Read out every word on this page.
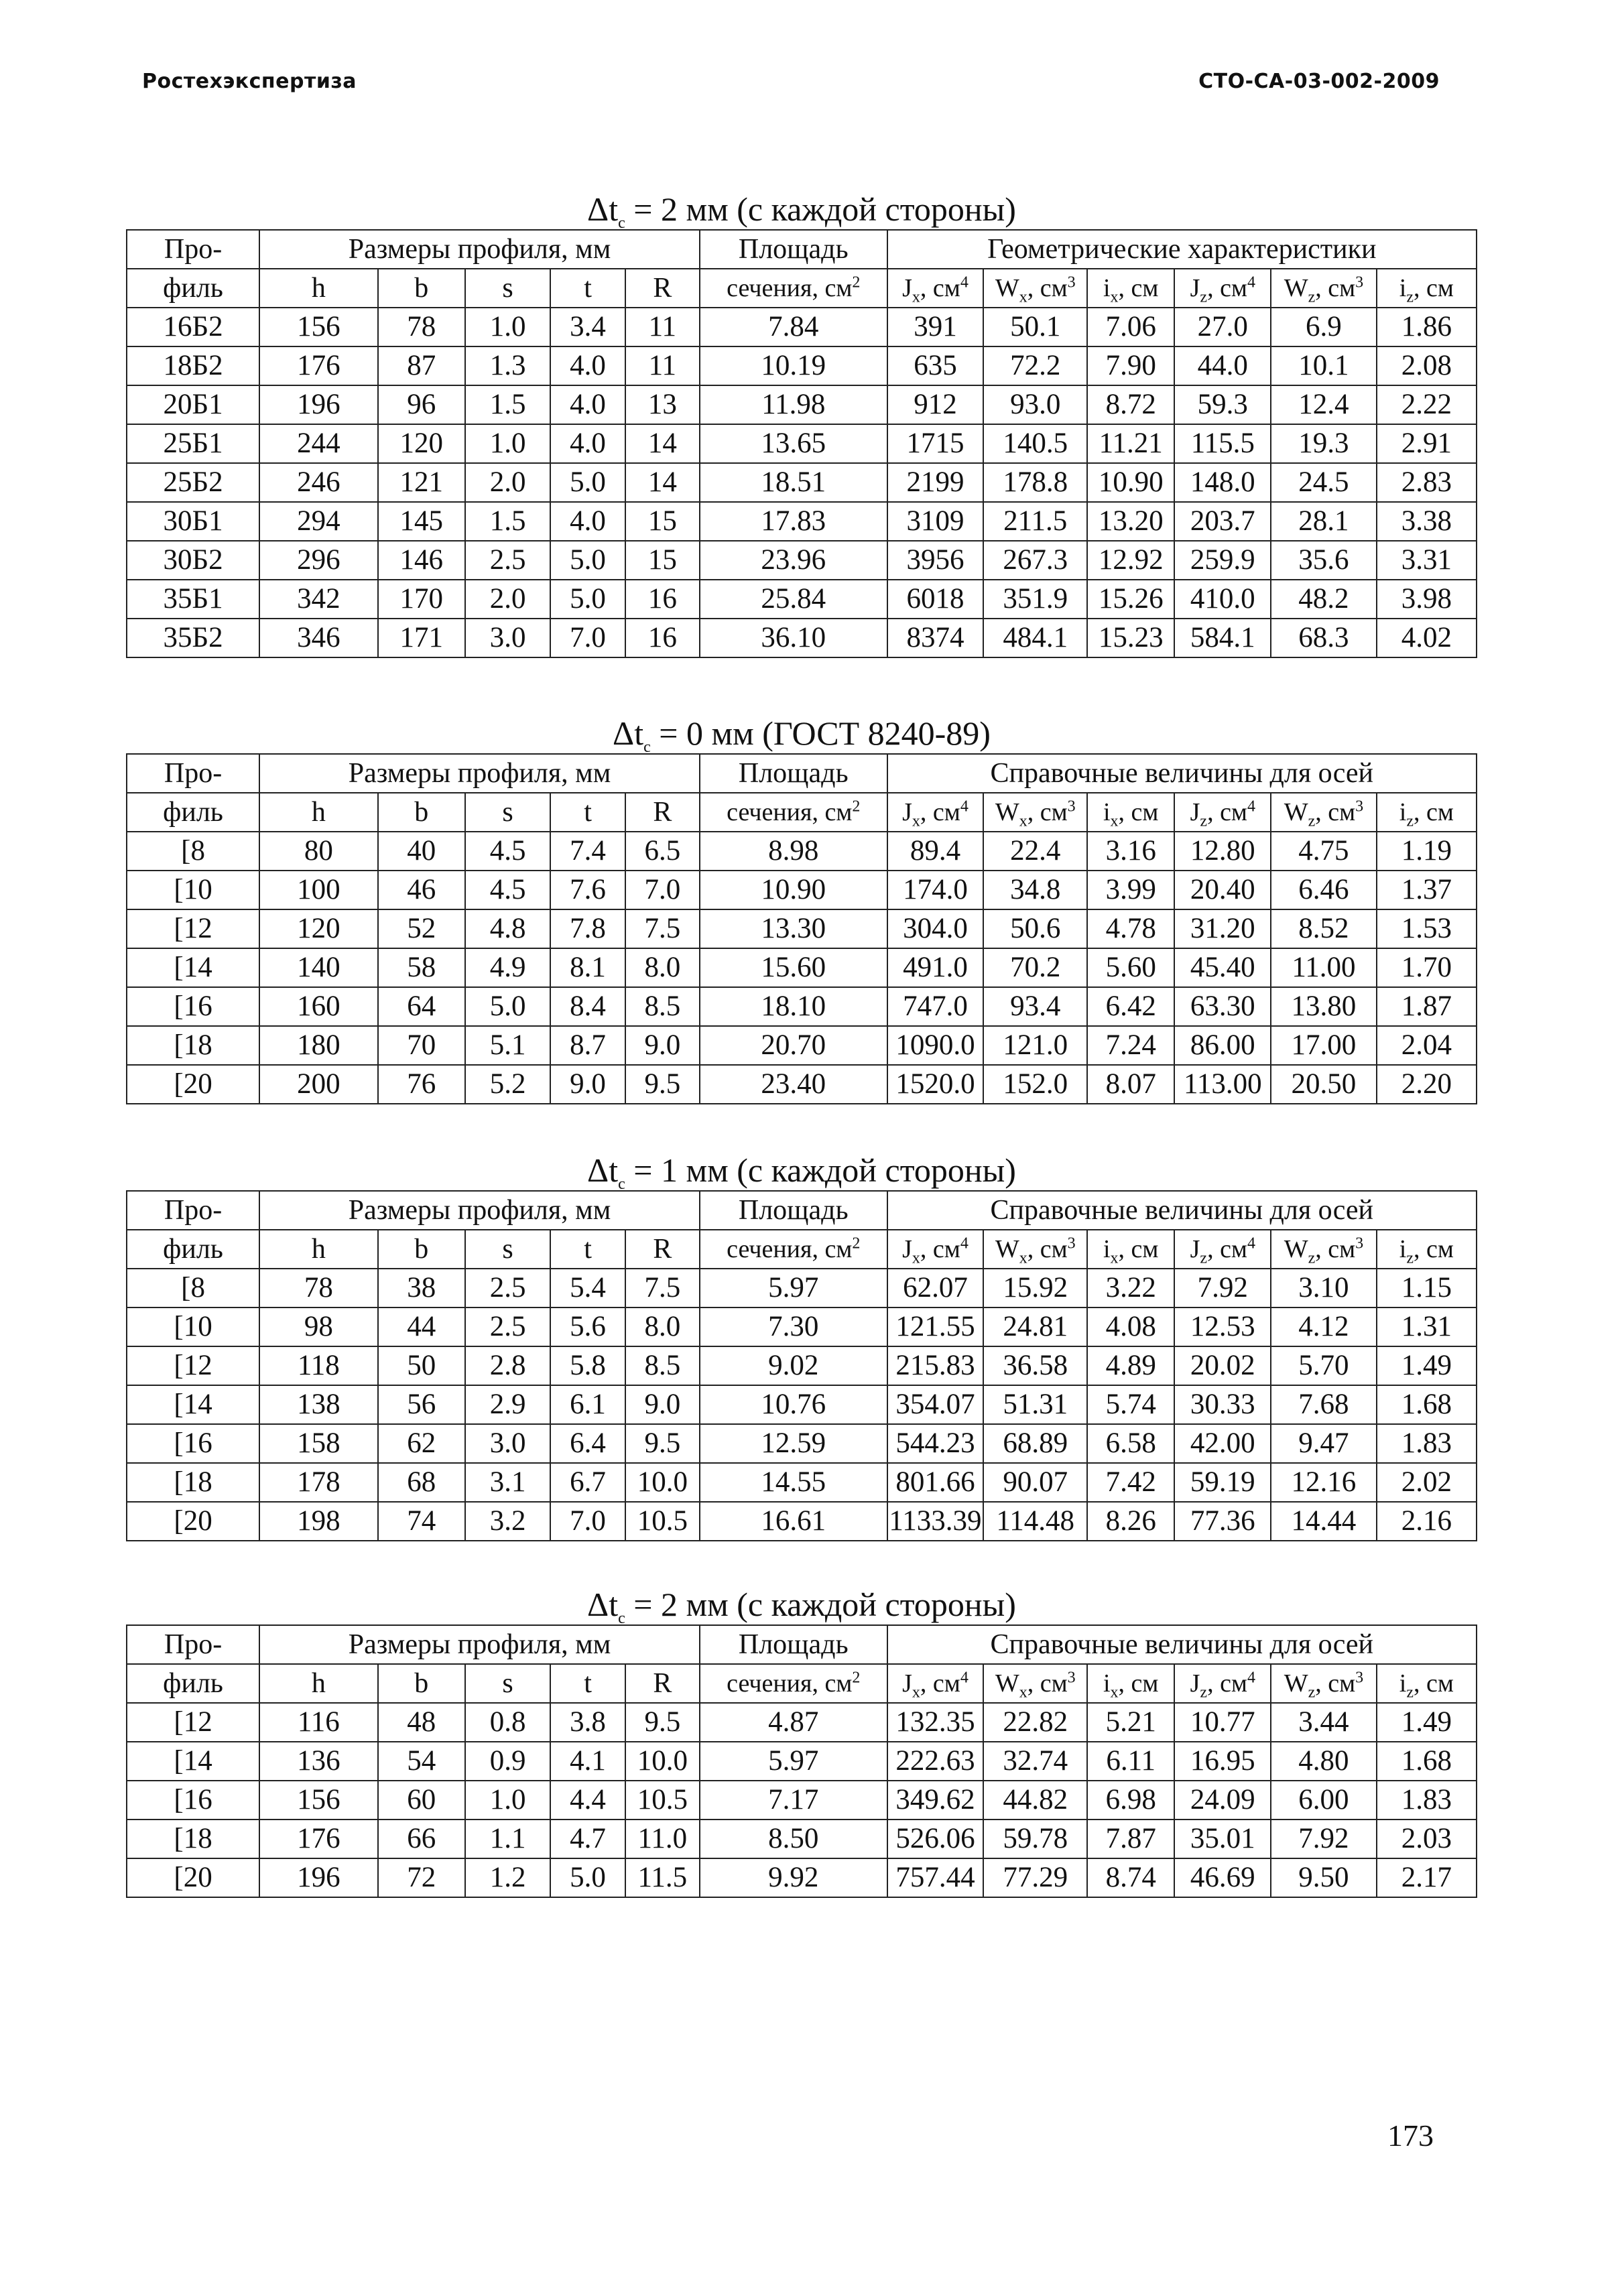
Ростехэкспертиза	СТО-СА-03-002-2009
$\Delta t_c = 2$ мм (с каждой стороны)
Про-	Размеры профиля, мм					Площадь	Геометрические характеристики					
филь	h	b	s	t	R	сечения, $см^2$	$J_x$, $см^4$	$W_x$, $см^3$	$i_x$, см	$J_z$, $см^4$	$W_z$, $см^3$	$i_z$, см
16Б2	156	78	1.0	3.4	11	7.84	391	50.1	7.06	27.0	6.9	1.86
18Б2	176	87	1.3	4.0	11	10.19	635	72.2	7.90	44.0	10.1	2.08
20Б1	196	96	1.5	4.0	13	11.98	912	93.0	8.72	59.3	12.4	2.22
25Б1	244	120	1.0	4.0	14	13.65	1715	140.5	11.21	115.5	19.3	2.91
25Б2	246	121	2.0	5.0	14	18.51	2199	178.8	10.90	148.0	24.5	2.83
30Б1	294	145	1.5	4.0	15	17.83	3109	211.5	13.20	203.7	28.1	3.38
30Б2	296	146	2.5	5.0	15	23.96	3956	267.3	12.92	259.9	35.6	3.31
35Б1	342	170	2.0	5.0	16	25.84	6018	351.9	15.26	410.0	48.2	3.98
35Б2	346	171	3.0	7.0	16	36.10	8374	484.1	15.23	584.1	68.3	4.02
$\Delta t_c = 0$ мм (ГОСТ 8240-89)
Про-	Размеры профиля, мм					Площадь	Справочные величины для осей					
филь	h	b	s	t	R	сечения, $см^2$	$J_x$, $см^4$	$W_x$, $см^3$	$i_x$, см	$J_z$, $см^4$	$W_z$, $см^3$	$i_z$, см
[8	80	40	4.5	7.4	6.5	8.98	89.4	22.4	3.16	12.80	4.75	1.19
[10	100	46	4.5	7.6	7.0	10.90	174.0	34.8	3.99	20.40	6.46	1.37
[12	120	52	4.8	7.8	7.5	13.30	304.0	50.6	4.78	31.20	8.52	1.53
[14	140	58	4.9	8.1	8.0	15.60	491.0	70.2	5.60	45.40	11.00	1.70
[16	160	64	5.0	8.4	8.5	18.10	747.0	93.4	6.42	63.30	13.80	1.87
[18	180	70	5.1	8.7	9.0	20.70	1090.0	121.0	7.24	86.00	17.00	2.04
[20	200	76	5.2	9.0	9.5	23.40	1520.0	152.0	8.07	113.00	20.50	2.20
$\Delta t_c = 1$ мм (с каждой стороны)
Про-	Размеры профиля, мм					Площадь	Справочные величины для осей					
филь	h	b	s	t	R	сечения, $см^2$	$J_x$, $см^4$	$W_x$, $см^3$	$i_x$, см	$J_z$, $см^4$	$W_z$, $см^3$	$i_z$, см
[8	78	38	2.5	5.4	7.5	5.97	62.07	15.92	3.22	7.92	3.10	1.15
[10	98	44	2.5	5.6	8.0	7.30	121.55	24.81	4.08	12.53	4.12	1.31
[12	118	50	2.8	5.8	8.5	9.02	215.83	36.58	4.89	20.02	5.70	1.49
[14	138	56	2.9	6.1	9.0	10.76	354.07	51.31	5.74	30.33	7.68	1.68
[16	158	62	3.0	6.4	9.5	12.59	544.23	68.89	6.58	42.00	9.47	1.83
[18	178	68	3.1	6.7	10.0	14.55	801.66	90.07	7.42	59.19	12.16	2.02
[20	198	74	3.2	7.0	10.5	16.61	1133.39	114.48	8.26	77.36	14.44	2.16
$\Delta t_c = 2$ мм (с каждой стороны)
Про-	Размеры профиля, мм					Площадь	Справочные величины для осей					
филь	h	b	s	t	R	сечения, $см^2$	$J_x$, $см^4$	$W_x$, $см^3$	$i_x$, см	$J_z$, $см^4$	$W_z$, $см^3$	$i_z$, см
[12	116	48	0.8	3.8	9.5	4.87	132.35	22.82	5.21	10.77	3.44	1.49
[14	136	54	0.9	4.1	10.0	5.97	222.63	32.74	6.11	16.95	4.80	1.68
[16	156	60	1.0	4.4	10.5	7.17	349.62	44.82	6.98	24.09	6.00	1.83
[18	176	66	1.1	4.7	11.0	8.50	526.06	59.78	7.87	35.01	7.92	2.03
[20	196	72	1.2	5.0	11.5	9.92	757.44	77.29	8.74	46.69	9.50	2.17
173
